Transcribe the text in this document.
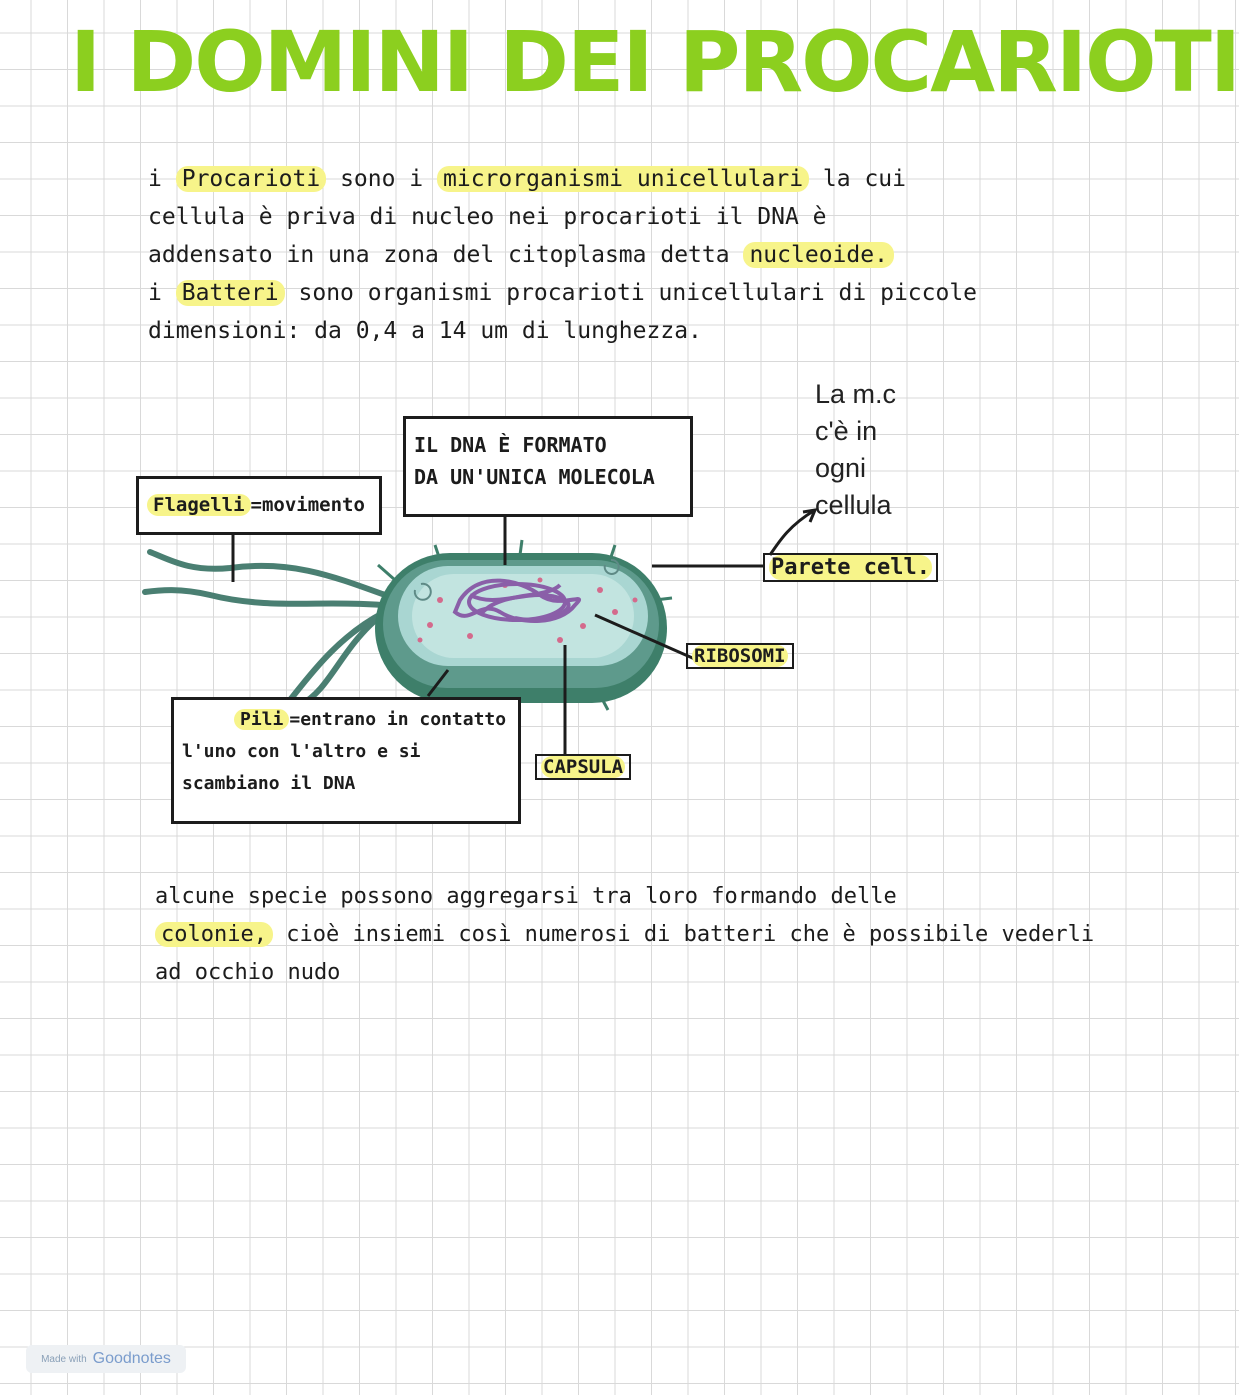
I DOMINI DEI PROCARIOTI
i Procarioti sono i microrganismi unicellulari la cui
cellula è priva di nucleo nei procarioti il DNA è
addensato in una zona del citoplasma detta nucleoide.
i Batteri sono organismi procarioti unicellulari di piccole
dimensioni: da 0,4 a 14 um di lunghezza.
IL DNA È FORMATO
DA UN'UNICA MOLECOLA
Flagelli =movimento
Pili =entrano in contatto
l'uno con l'altro e si
scambiano il DNA
CAPSULA
RIBOSOMI
Parete cell.
La m.c
c'è in
ogni
cellula
alcune specie possono aggregarsi tra loro formando delle
colonie, cioè insiemi così numerosi di batteri che è possibile vederli
ad occhio nudo
Made with Goodnotes
